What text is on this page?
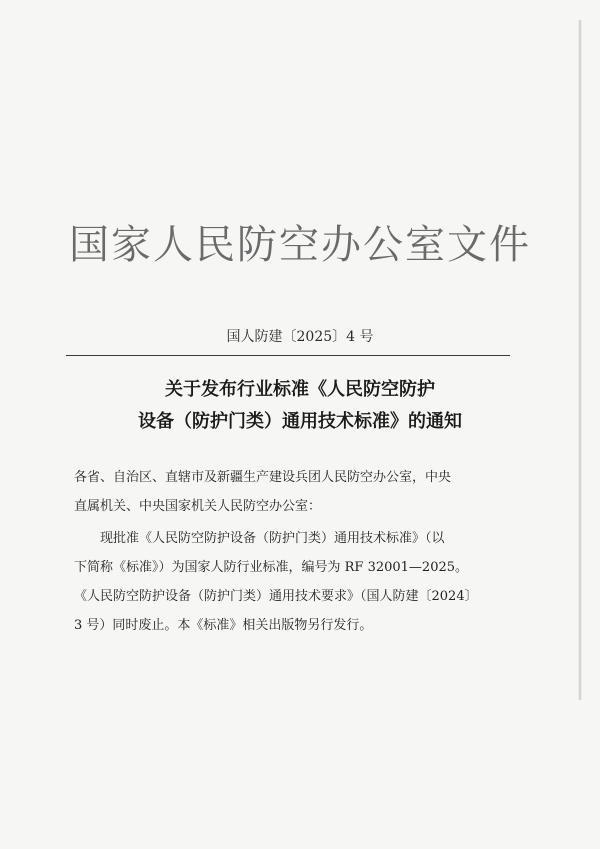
国家人民防空办公室文件
国人防建〔2025〕4 号
关于发布行业标准《人民防空防护
设备（防护门类）通用技术标准》的通知

各省、自治区、直辖市及新疆生产建设兵团人民防空办公室，中央

直属机关、中央国家机关人民防空办公室：

现批准《人民防空防护设备（防护门类）通用技术标准》（以

下简称《标准》）为国家人防行业标准，编号为 RF 32001—2025。

《人民防空防护设备（防护门类）通用技术要求》（国人防建〔2024〕

3 号）同时废止。本《标准》相关出版物另行发行。
